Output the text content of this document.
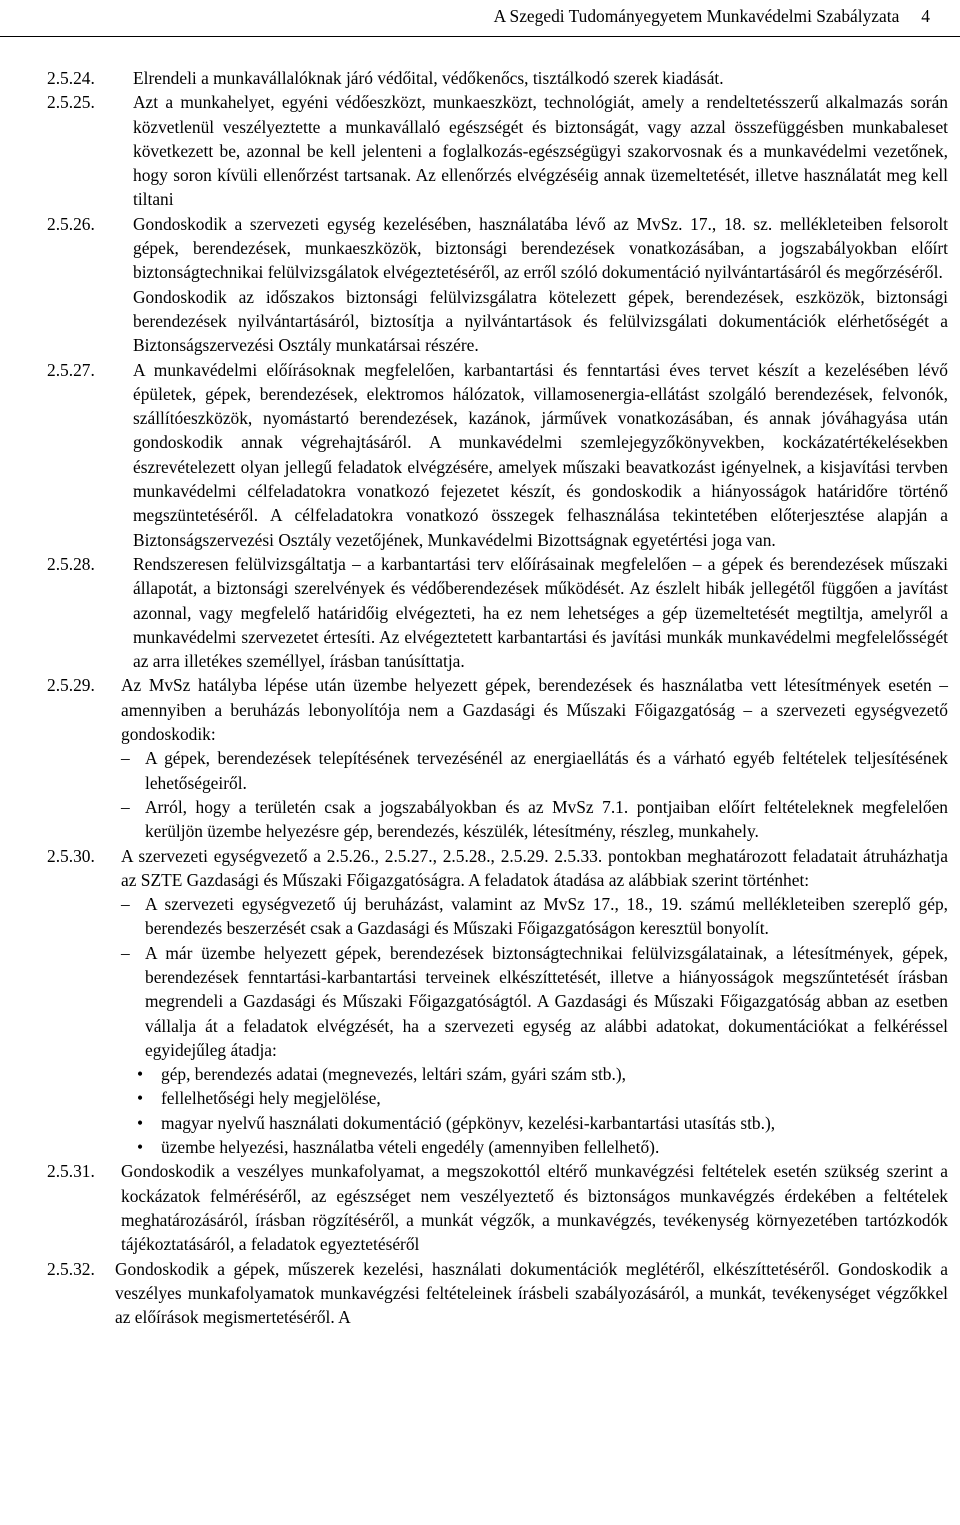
A Szegedi Tudományegyetem Munkavédelmi Szabályzata 4
2.5.24.	Elrendeli a munkavállalóknak járó védőital, védőkenőcs, tisztálkodó szerek kiadását.

2.5.25.	Azt a munkahelyet, egyéni védőeszközt, munkaeszközt, technológiát, amely a rendeltetésszerű alkalmazás során közvetlenül veszélyeztette a munkavállaló egészségét és biztonságát, vagy azzal összefüggésben munkabaleset következett be, azonnal be kell jelenteni a foglalkozás-egészségügyi szakorvosnak és a munkavédelmi vezetőnek, hogy soron kívüli ellenőrzést tartsanak. Az ellenőrzés elvégzéséig annak üzemeltetését, illetve használatát meg kell tiltani

2.5.26.	Gondoskodik a szervezeti egység kezelésében, használatába lévő az MvSz. 17., 18. sz. mellékleteiben felsorolt gépek, berendezések, munkaeszközök, biztonsági berendezések vonatkozásában, a jogszabályokban előírt biztonságtechnikai felülvizsgálatok elvégeztetéséről, az erről szóló dokumentáció nyilvántartásáról és megőrzéséről.

Gondoskodik az időszakos biztonsági felülvizsgálatra kötelezett gépek, berendezések, eszközök, biztonsági berendezések nyilvántartásáról, biztosítja a nyilvántartások és felülvizsgálati dokumentációk elérhetőségét a Biztonságszervezési Osztály munkatársai részére.

2.5.27.	A munkavédelmi előírásoknak megfelelően, karbantartási és fenntartási éves tervet készít a kezelésében lévő épületek, gépek, berendezések, elektromos hálózatok, villamosenergia-ellátást szolgáló berendezések, felvonók, szállítóeszközök, nyomástartó berendezések, kazánok, járművek vonatkozásában, és annak jóváhagyása után gondoskodik annak végrehajtásáról. A munkavédelmi szemlejegyzőkönyvekben, kockázatértékelésekben észrevételezett olyan jellegű feladatok elvégzésére, amelyek műszaki beavatkozást igényelnek, a kisjavítási tervben munkavédelmi célfeladatokra vonatkozó fejezetet készít, és gondoskodik a hiányosságok határidőre történő megszüntetéséről. A célfeladatokra vonatkozó összegek felhasználása tekintetében előterjesztése alapján a Biztonságszervezési Osztály vezetőjének, Munkavédelmi Bizottságnak egyetértési joga van.

2.5.28.	Rendszeresen felülvizsgáltatja – a karbantartási terv előírásainak megfelelően – a gépek és berendezések műszaki állapotát, a biztonsági szerelvények és védőberendezések működését. Az észlelt hibák jellegétől függően a javítást azonnal, vagy megfelelő határidőig elvégezteti, ha ez nem lehetséges a gép üzemeltetését megtiltja, amelyről a munkavédelmi szervezetet értesíti. Az elvégeztetett karbantartási és javítási munkák munkavédelmi megfelelősségét az arra illetékes személlyel, írásban tanúsíttatja.

2.5.29.	Az MvSz hatályba lépése után üzembe helyezett gépek, berendezések és használatba vett létesítmények esetén – amennyiben a beruházás lebonyolítója nem a Gazdasági és Műszaki Főigazgatóság – a szervezeti egységvezető gondoskodik:

– A gépek, berendezések telepítésének tervezésénél az energiaellátás és a várható egyéb feltételek teljesítésének lehetőségeiről.
– Arról, hogy a területén csak a jogszabályokban és az MvSz 7.1. pontjaiban előírt feltételeknek megfelelően kerüljön üzembe helyezésre gép, berendezés, készülék, létesítmény, részleg, munkahely.
2.5.30.	A szervezeti egységvezető a 2.5.26., 2.5.27., 2.5.28., 2.5.29. 2.5.33. pontokban meghatározott feladatait átruházhatja az SZTE Gazdasági és Műszaki Főigazgatóságra. A feladatok átadása az alábbiak szerint történhet:

– A szervezeti egységvezető új beruházást, valamint az MvSz 17., 18., 19. számú mellékleteiben szereplő gép, berendezés beszerzését csak a Gazdasági és Műszaki Főigazgatóságon keresztül bonyolít.
– A már üzembe helyezett gépek, berendezések biztonságtechnikai felülvizsgálatainak, a létesítmények, gépek, berendezések fenntartási-karbantartási terveinek elkészíttetését, illetve a hiányosságok megszűntetését írásban megrendeli a Gazdasági és Műszaki Főigazgatóságtól. A Gazdasági és Műszaki Főigazgatóság abban az esetben vállalja át a feladatok elvégzését, ha a szervezeti egység az alábbi adatokat, dokumentációkat a felkéréssel egyidejűleg átadja:
•	gép, berendezés adatai (megnevezés, leltári szám, gyári szám stb.),
•	fellelhetőségi hely megjelölése,
•	magyar nyelvű használati dokumentáció (gépkönyv, kezelési-karbantartási utasítás stb.),
•	üzembe helyezési, használatba vételi engedély (amennyiben fellelhető).
2.5.31.	Gondoskodik a veszélyes munkafolyamat, a megszokottól eltérő munkavégzési feltételek esetén szükség szerint a kockázatok felméréséről, az egészséget nem veszélyeztető és biztonságos munkavégzés érdekében a feltételek meghatározásáról, írásban rögzítéséről, a munkát végzők, a munkavégzés, tevékenység környezetében tartózkodók tájékoztatásáról, a feladatok egyeztetéséről

2.5.32.	Gondoskodik a gépek, műszerek kezelési, használati dokumentációk meglétéről, elkészíttetéséről. Gondoskodik a veszélyes munkafolyamatok munkavégzési feltételeinek írásbeli szabályozásáról, a munkát, tevékenységet végzőkkel az előírások megismertetéséről. A
